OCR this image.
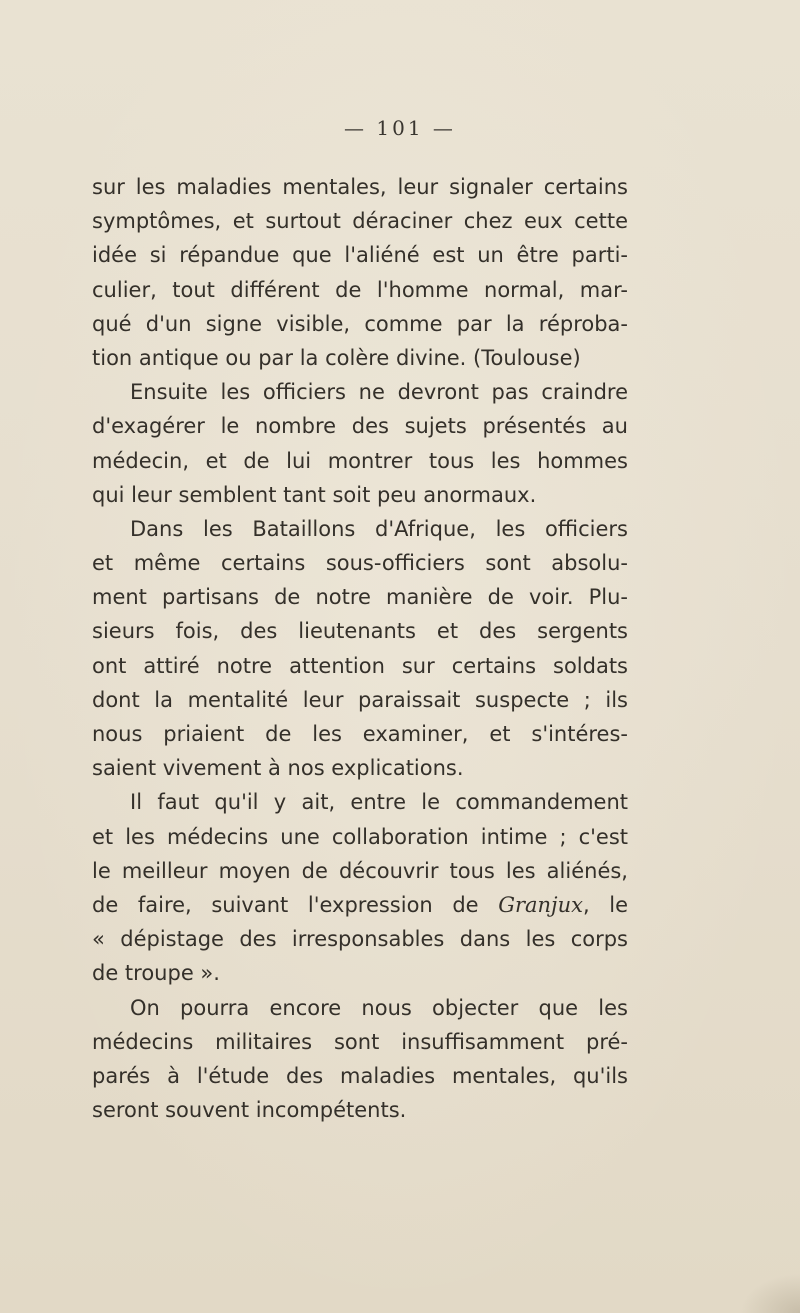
— 101 —
sur les maladies mentales, leur signaler certains
symptômes, et surtout déraciner chez eux cette
idée si répandue que l'aliéné est un être parti-
culier, tout différent de l'homme normal, mar-
qué d'un signe visible, comme par la réproba-
tion antique ou par la colère divine. (Toulouse)
Ensuite les officiers ne devront pas craindre
d'exagérer le nombre des sujets présentés au
médecin, et de lui montrer tous les hommes
qui leur semblent tant soit peu anormaux.
Dans les Bataillons d'Afrique, les officiers
et même certains sous-officiers sont absolu-
ment partisans de notre manière de voir. Plu-
sieurs fois, des lieutenants et des sergents
ont attiré notre attention sur certains soldats
dont la mentalité leur paraissait suspecte ; ils
nous priaient de les examiner, et s'intéres-
saient vivement à nos explications.
Il faut qu'il y ait, entre le commandement
et les médecins une collaboration intime ; c'est
le meilleur moyen de découvrir tous les aliénés,
de faire, suivant l'expression de Granjux, le
« dépistage des irresponsables dans les corps
de troupe ».
On pourra encore nous objecter que les
médecins militaires sont insuffisamment pré-
parés à l'étude des maladies mentales, qu'ils
seront souvent incompétents.
